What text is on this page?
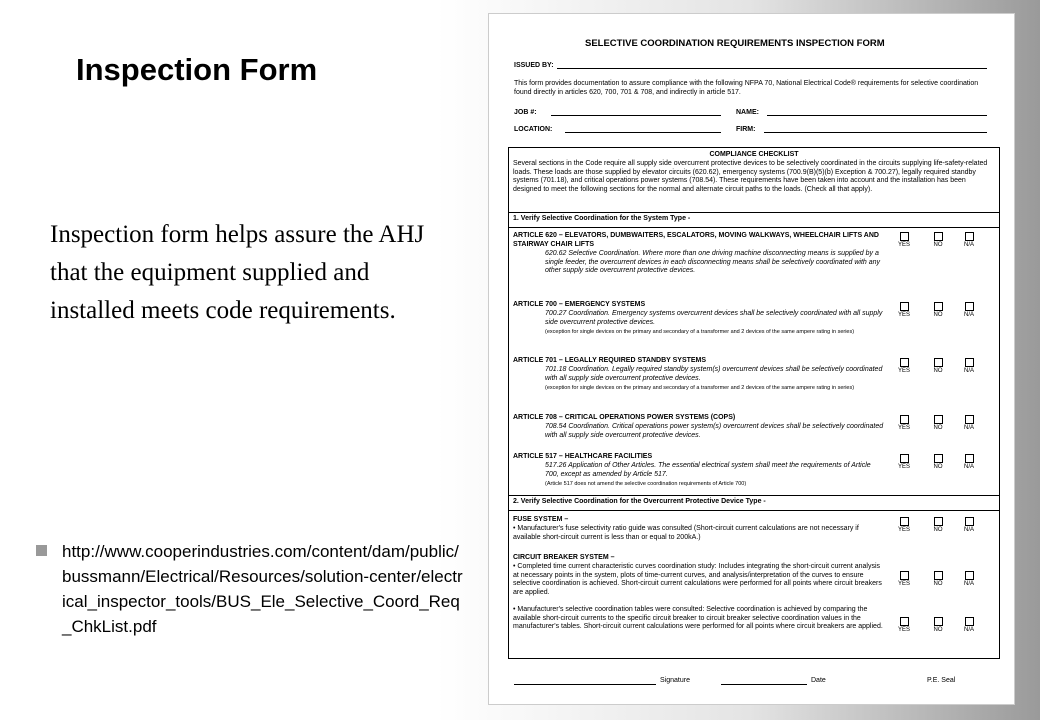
Inspection Form
Inspection form helps assure the AHJ that the equipment supplied and installed meets code requirements.
http://www.cooperindustries.com/content/dam/public/bussmann/Electrical/Resources/solution-center/electrical_inspector_tools/BUS_Ele_Selective_Coord_Req_ChkList.pdf
SELECTIVE COORDINATION REQUIREMENTS INSPECTION FORM
ISSUED BY:
This form provides documentation to assure compliance with the following NFPA 70, National Electrical Code® requirements for selective coordination found directly in articles 620, 700, 701 & 708, and indirectly in article 517.
JOB #:	NAME:
LOCATION:	FIRM:
COMPLIANCE CHECKLIST
Several sections in the Code require all supply side overcurrent protective devices to be selectively coordinated in the circuits supplying life-safety-related loads. These loads are those supplied by elevator circuits (620.62), emergency systems (700.9(B)(5)(b) Exception & 700.27), legally required standby systems (701.18), and critical operations power systems (708.54). These requirements have been taken into account and the installation has been designed to meet the following sections for the normal and alternate circuit paths to the loads. (Check all that apply).
1. Verify Selective Coordination for the System Type -
ARTICLE 620 – ELEVATORS, DUMBWAITERS, ESCALATORS, MOVING WALKWAYS, WHEELCHAIR LIFTS AND STAIRWAY CHAIR LIFTS
620.62 Selective Coordination. Where more than one driving machine disconnecting means is supplied by a single feeder, the overcurrent devices in each disconnecting means shall be selectively coordinated with any other supply side overcurrent protective devices.
YES	NO	N/A
ARTICLE 700 – EMERGENCY SYSTEMS
700.27 Coordination. Emergency systems overcurrent devices shall be selectively coordinated with all supply side overcurrent protective devices.
(exception for single devices on the primary and secondary of a transformer and 2 devices of the same ampere rating in series)
YES	NO	N/A
ARTICLE 701 – LEGALLY REQUIRED STANDBY SYSTEMS
701.18 Coordination. Legally required standby system(s) overcurrent devices shall be selectively coordinated with all supply side overcurrent protective devices.
(exception for single devices on the primary and secondary of a transformer and 2 devices of the same ampere rating in series)
YES	NO	N/A
ARTICLE 708 – CRITICAL OPERATIONS POWER SYSTEMS (COPS)
708.54 Coordination. Critical operations power system(s) overcurrent devices shall be selectively coordinated with all supply side overcurrent protective devices.
YES	NO	N/A
ARTICLE 517 – HEALTHCARE FACILITIES
517.26 Application of Other Articles. The essential electrical system shall meet the requirements of Article 700, except as amended by Article 517.
(Article 517 does not amend the selective coordination requirements of Article 700)
YES	NO	N/A
2. Verify Selective Coordination for the Overcurrent Protective Device Type -
FUSE SYSTEM –
• Manufacturer's fuse selectivity ratio guide was consulted (Short-circuit current calculations are not necessary if available short-circuit current is less than or equal to 200kA.)
YES	NO	N/A
CIRCUIT BREAKER SYSTEM –
• Completed time current characteristic curves coordination study: Includes integrating the short-circuit current analysis at necessary points in the system, plots of time-current curves, and analysis/interpretation of the curves to ensure selective coordination is achieved. Short-circuit current calculations were performed for all points where circuit breakers are applied.
YES	NO	N/A
• Manufacturer's selective coordination tables were consulted: Selective coordination is achieved by comparing the available short-circuit currents to the specific circuit breaker to circuit breaker selective coordination values in the manufacturer's tables. Short-circuit current calculations were performed for all points where circuit breakers are applied.	YES	NO	N/A
Signature	Date	P.E. Seal
